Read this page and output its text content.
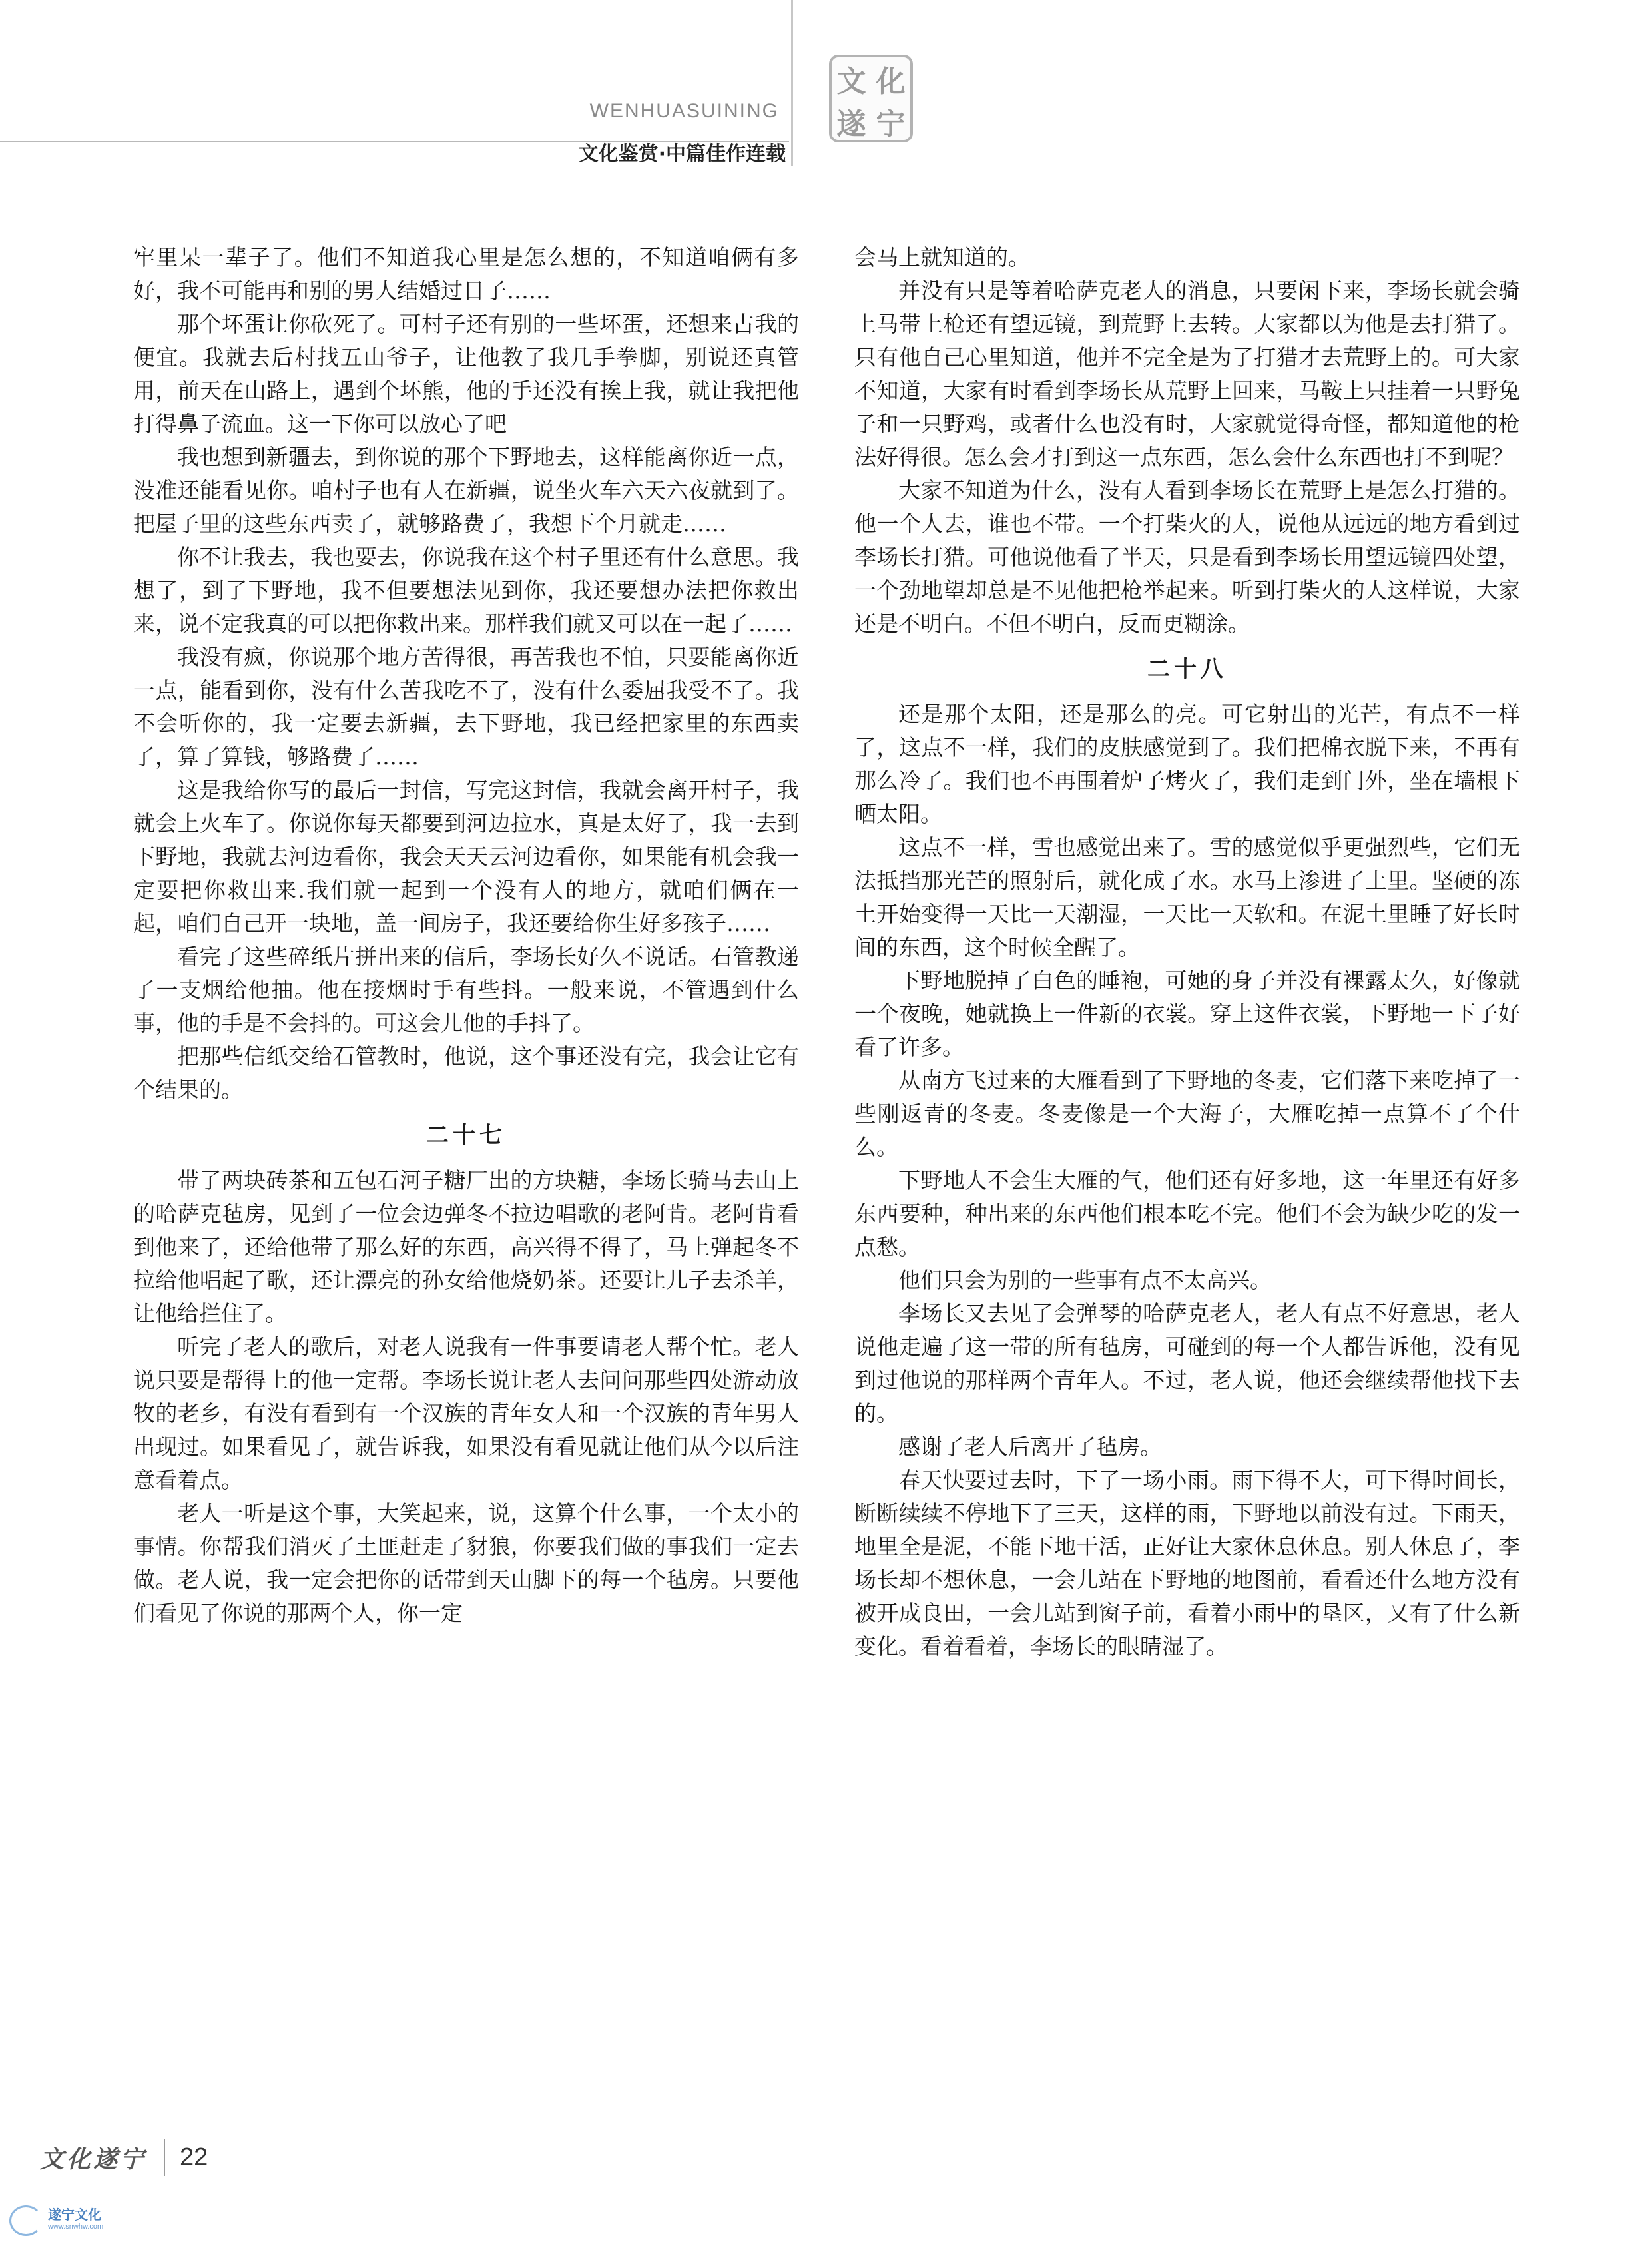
WENHUASUINING
文化鉴赏·中篇佳作连载
文 化
遂 宁

牢里呆一辈子了。他们不知道我心里是怎么想的，不知道咱俩有多好，我不可能再和别的男人结婚过日子……

那个坏蛋让你砍死了。可村子还有别的一些坏蛋，还想来占我的便宜。我就去后村找五山爷子，让他教了我几手拳脚，别说还真管用，前天在山路上，遇到个坏熊，他的手还没有挨上我，就让我把他打得鼻子流血。这一下你可以放心了吧

我也想到新疆去，到你说的那个下野地去，这样能离你近一点，没准还能看见你。咱村子也有人在新疆，说坐火车六天六夜就到了。把屋子里的这些东西卖了，就够路费了，我想下个月就走……

你不让我去，我也要去，你说我在这个村子里还有什么意思。我想了，到了下野地，我不但要想法见到你，我还要想办法把你救出来，说不定我真的可以把你救出来。那样我们就又可以在一起了……

我没有疯，你说那个地方苦得很，再苦我也不怕，只要能离你近一点，能看到你，没有什么苦我吃不了，没有什么委屈我受不了。我不会听你的，我一定要去新疆，去下野地，我已经把家里的东西卖了，算了算钱，够路费了……

这是我给你写的最后一封信，写完这封信，我就会离开村子，我就会上火车了。你说你每天都要到河边拉水，真是太好了，我一去到下野地，我就去河边看你，我会天天云河边看你，如果能有机会我一定要把你救出来.我们就一起到一个没有人的地方，就咱们俩在一起，咱们自己开一块地，盖一间房子，我还要给你生好多孩子……

看完了这些碎纸片拼出来的信后，李场长好久不说话。石管教递了一支烟给他抽。他在接烟时手有些抖。一般来说，不管遇到什么事，他的手是不会抖的。可这会儿他的手抖了。

把那些信纸交给石管教时，他说，这个事还没有完，我会让它有个结果的。

二十七

带了两块砖茶和五包石河子糖厂出的方块糖，李场长骑马去山上的哈萨克毡房，见到了一位会边弹冬不拉边唱歌的老阿肯。老阿肯看到他来了，还给他带了那么好的东西，高兴得不得了，马上弹起冬不拉给他唱起了歌，还让漂亮的孙女给他烧奶茶。还要让儿子去杀羊，让他给拦住了。

听完了老人的歌后，对老人说我有一件事要请老人帮个忙。老人说只要是帮得上的他一定帮。李场长说让老人去问问那些四处游动放牧的老乡，有没有看到有一个汉族的青年女人和一个汉族的青年男人出现过。如果看见了，就告诉我，如果没有看见就让他们从今以后注意看着点。

老人一听是这个事，大笑起来，说，这算个什么事，一个太小的事情。你帮我们消灭了土匪赶走了豺狼，你要我们做的事我们一定去做。老人说，我一定会把你的话带到天山脚下的每一个毡房。只要他们看见了你说的那两个人，你一定

会马上就知道的。

并没有只是等着哈萨克老人的消息，只要闲下来，李场长就会骑上马带上枪还有望远镜，到荒野上去转。大家都以为他是去打猎了。只有他自己心里知道，他并不完全是为了打猎才去荒野上的。可大家不知道，大家有时看到李场长从荒野上回来，马鞍上只挂着一只野兔子和一只野鸡，或者什么也没有时，大家就觉得奇怪，都知道他的枪法好得很。怎么会才打到这一点东西，怎么会什么东西也打不到呢？

大家不知道为什么，没有人看到李场长在荒野上是怎么打猎的。他一个人去，谁也不带。一个打柴火的人，说他从远远的地方看到过李场长打猎。可他说他看了半天，只是看到李场长用望远镜四处望，一个劲地望却总是不见他把枪举起来。听到打柴火的人这样说，大家还是不明白。不但不明白，反而更糊涂。

二十八

还是那个太阳，还是那么的亮。可它射出的光芒，有点不一样了，这点不一样，我们的皮肤感觉到了。我们把棉衣脱下来，不再有那么冷了。我们也不再围着炉子烤火了，我们走到门外，坐在墙根下晒太阳。

这点不一样，雪也感觉出来了。雪的感觉似乎更强烈些，它们无法抵挡那光芒的照射后，就化成了水。水马上渗进了土里。坚硬的冻土开始变得一天比一天潮湿，一天比一天软和。在泥土里睡了好长时间的东西，这个时候全醒了。

下野地脱掉了白色的睡袍，可她的身子并没有裸露太久，好像就一个夜晚，她就换上一件新的衣裳。穿上这件衣裳，下野地一下子好看了许多。

从南方飞过来的大雁看到了下野地的冬麦，它们落下来吃掉了一些刚返青的冬麦。冬麦像是一个大海子，大雁吃掉一点算不了个什么。

下野地人不会生大雁的气，他们还有好多地，这一年里还有好多东西要种，种出来的东西他们根本吃不完。他们不会为缺少吃的发一点愁。

他们只会为别的一些事有点不太高兴。

李场长又去见了会弹琴的哈萨克老人，老人有点不好意思，老人说他走遍了这一带的所有毡房，可碰到的每一个人都告诉他，没有见到过他说的那样两个青年人。不过，老人说，他还会继续帮他找下去的。

感谢了老人后离开了毡房。

春天快要过去时，下了一场小雨。雨下得不大，可下得时间长，断断续续不停地下了三天，这样的雨，下野地以前没有过。下雨天，地里全是泥，不能下地干活，正好让大家休息休息。别人休息了，李场长却不想休息，一会儿站在下野地的地图前，看看还什么地方没有被开成良田，一会儿站到窗子前，看着小雨中的垦区，又有了什么新变化。看着看着，李场长的眼睛湿了。

文化遂宁 22
遂宁文化
www.snwhw.com
